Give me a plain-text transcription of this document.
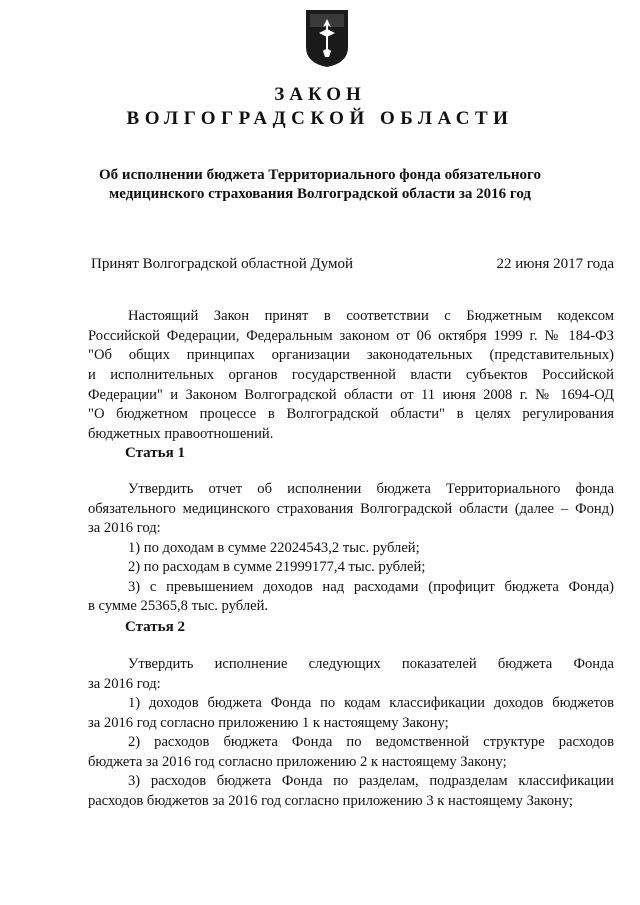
ЗАКОН
ВОЛГОГРАДСКОЙ ОБЛАСТИ
Об исполнении бюджета Территориального фонда обязательного
медицинского страхования Волгоградской области за 2016 год
Принят Волгоградской областной Думой	22 июня 2017 года
Настоящий Закон принят в соответствии с Бюджетным кодексом
Российской Федерации, Федеральным законом от 06 октября 1999 г. № 184-ФЗ
"Об общих принципах организации законодательных (представительных)
и исполнительных органов государственной власти субъектов Российской
Федерации" и Законом Волгоградской области от 11 июня 2008 г. № 1694-ОД
"О бюджетном процессе в Волгоградской области" в целях регулирования
бюджетных правоотношений.
Статья 1
Утвердить отчет об исполнении бюджета Территориального фонда
обязательного медицинского страхования Волгоградской области (далее – Фонд)
за 2016 год:
1) по доходам в сумме 22024543,2 тыс. рублей;
2) по расходам в сумме 21999177,4 тыс. рублей;
3) с превышением доходов над расходами (профицит бюджета Фонда)
в сумме 25365,8 тыс. рублей.
Статья 2
Утвердить исполнение следующих показателей бюджета Фонда
за 2016 год:
1) доходов бюджета Фонда по кодам классификации доходов бюджетов
за 2016 год согласно приложению 1 к настоящему Закону;
2) расходов бюджета Фонда по ведомственной структуре расходов
бюджета за 2016 год согласно приложению 2 к настоящему Закону;
3) расходов бюджета Фонда по разделам, подразделам классификации
расходов бюджетов за 2016 год согласно приложению 3 к настоящему Закону;
